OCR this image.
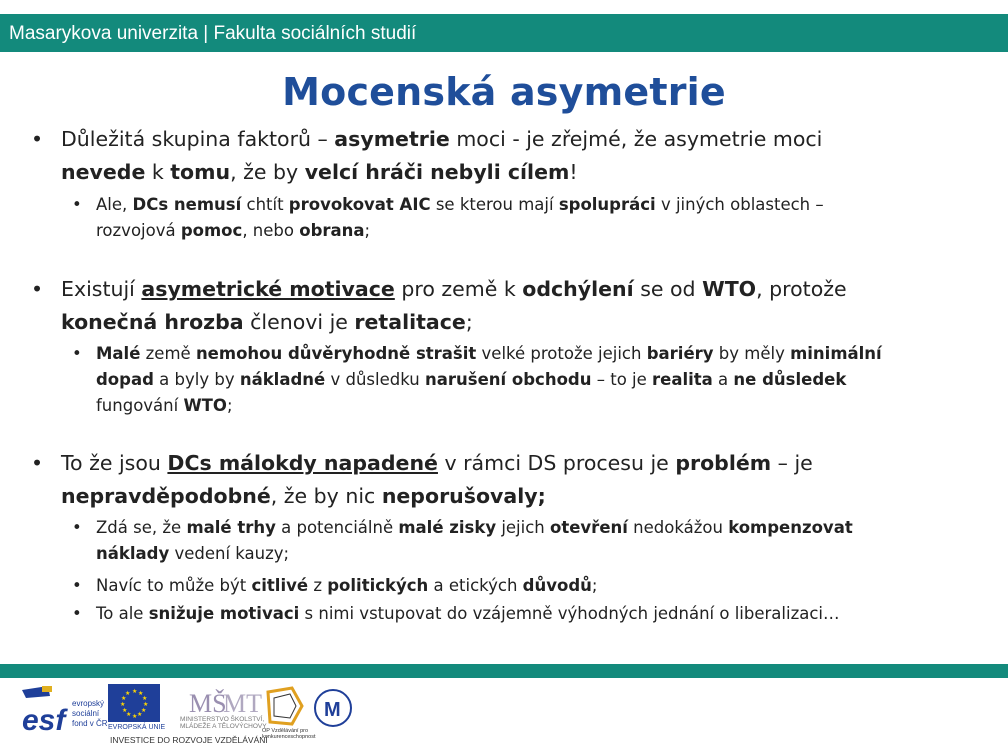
Masarykova univerzita | Fakulta sociálních studií
Mocenská asymetrie
• Důležitá skupina faktorů – asymetrie moci - je zřejmé, že asymetrie moci
nevede k tomu, že by velcí hráči nebyli cílem!
• Ale, DCs nemusí chtít provokovat AIC se kterou mají spolupráci v jiných oblastech –
rozvojová pomoc, nebo obrana;
• Existují asymetrické motivace pro země k odchýlení se od WTO, protože
konečná hrozba členovi je retalitace;
• Malé země nemohou důvěryhodně strašit velké protože jejich bariéry by měly minimální
dopad a byly by nákladné v důsledku narušení obchodu – to je realita a ne důsledek
fungování WTO;
• To že jsou DCs málokdy napadené v rámci DS procesu je problém – je
nepravděpodobné, že by nic neporušovaly;
• Zdá se, že malé trhy a potenciálně malé zisky jejich otevření nedokážou kompenzovat
náklady vedení kauzy;
• Navíc to může být citlivé z politických a etických důvodů;
• To ale snižuje motivaci s nimi vstupovat do vzájemně výhodných jednání o liberalizaci…
esf
evropský
sociální
fond v ČR
★ ★
★
★
★
★
★
★
★
★
★
★
EVROPSKÁ UNIE
MŠ
MT
MINISTERSTVO ŠKOLSTVÍ, MLÁDEŽE A TĚLOVÝCHOVY
OP Vzdělávání pro konkurenceschopnost
M
INVESTICE DO ROZVOJE VZDĚLÁVÁNÍ
